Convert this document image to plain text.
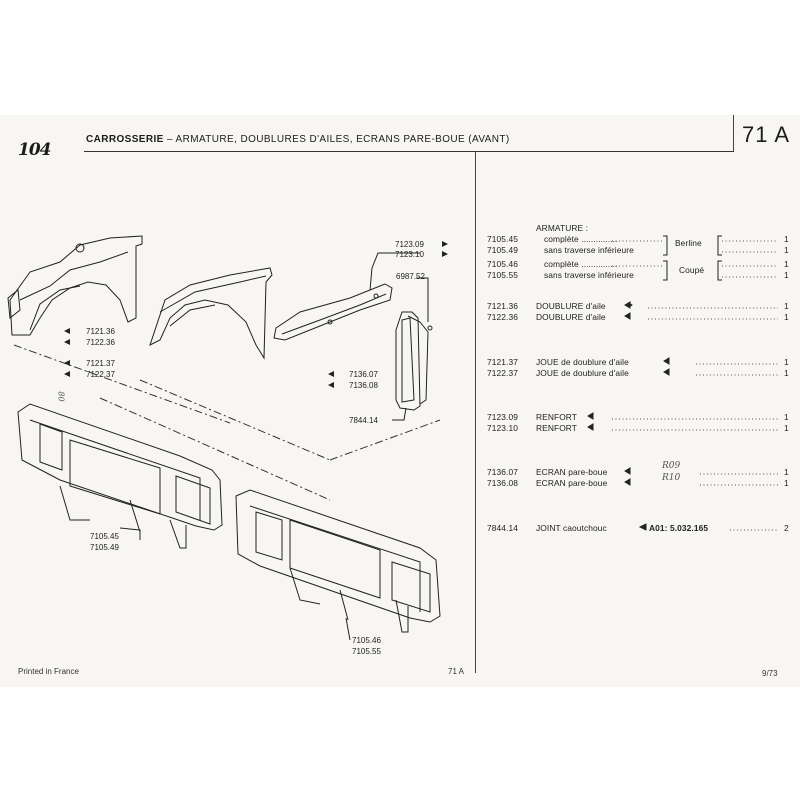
104
CARROSSERIE – ARMATURE, DOUBLURES D'AILES, ECRANS PARE-BOUE (AVANT)	71 A
ARMATURE :
7105.45	complète ...............	1
7105.49	sans traverse inférieure	1
Berline
7105.46	complète ...............	1
7105.55	sans traverse inférieure	1
Coupé
7121.36 DOUBLURE d'aile	1
7122.36 DOUBLURE d'aile	1
7121.37 JOUE de doublure d'aile	1
7122.37 JOUE de doublure d'aile	1
7123.09 RENFORT	1
7123.10 RENFORT	1
7136.07 ECRAN pare-boue	1
7136.08 ECRAN pare-boue	1
7844.14 JOINT caoutchouc	A01: 5.032.165	2
R09
R10
80
7121.36
7122.36
7121.37
7122.37
7123.09
7123.10
6987.52
7136.07
7136.08
7844.14
7105.45
7105.49
7105.46
7105.55
Printed in France	71 A	9/73
